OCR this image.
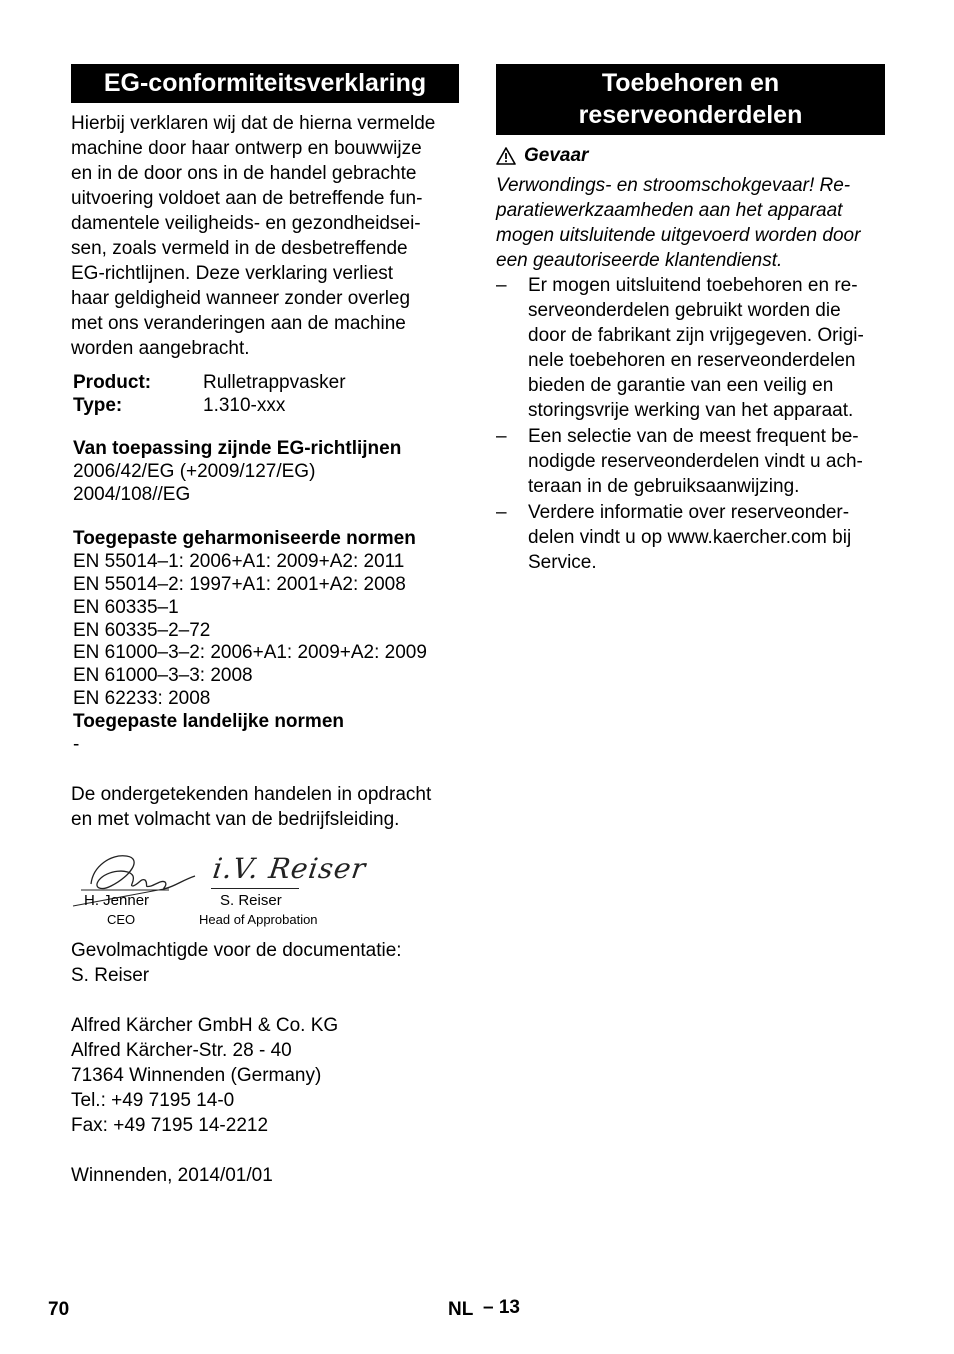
EG-conformiteitsverklaring

Hierbij verklaren wij dat de hierna vermelde
machine door haar ontwerp en bouwwijze
en in de door ons in de handel gebrachte
uitvoering voldoet aan de betreffende fun-
damentele veiligheids- en gezondheidsei-
sen, zoals vermeld in de desbetreffende
EG-richtlijnen. Deze verklaring verliest
haar geldigheid wanneer zonder overleg
met ons veranderingen aan de machine
worden aangebracht.

Product:	Rulletrappvasker
Type:	1.310-xxx
Van toepassing zijnde EG-richtlijnen
2006/42/EG (+2009/127/EG)
2004/108//EG
Toegepaste geharmoniseerde normen
EN 55014–1: 2006+A1: 2009+A2: 2011
EN 55014–2: 1997+A1: 2001+A2: 2008
EN 60335–1
EN 60335–2–72
EN 61000–3–2: 2006+A1: 2009+A2: 2009
EN 61000–3–3: 2008
EN 62233: 2008
Toegepaste landelijke normen
-

De ondergetekenden handelen in opdracht
en met volmacht van de bedrijfsleiding.

i.V. Reiser
H. Jenner
CEO
S. Reiser
Head of Approbation
Gevolmachtigde voor de documentatie:
S. Reiser
Alfred Kärcher GmbH & Co. KG
Alfred Kärcher-Str. 28 - 40
71364 Winnenden (Germany)
Tel.: +49 7195 14-0
Fax: +49 7195 14-2212
Winnenden, 2014/01/01
Toebehoren en
reserveonderdelen
Gevaar

Verwondings- en stroomschokgevaar! Re-
paratiewerkzaamheden aan het apparaat
mogen uitsluitende uitgevoerd worden door
een geautoriseerde klantendienst.

–	Er mogen uitsluitend toebehoren en re-
serveonderdelen gebruikt worden die
door de fabrikant zijn vrijgegeven. Origi-
nele toebehoren en reserveonderdelen
bieden de garantie van een veilig en
storingsvrije werking van het apparaat.
–	Een selectie van de meest frequent be-
nodigde reserveonderdelen vindt u ach-
teraan in de gebruiksaanwijzing.
–	Verdere informatie over reserveonder-
delen vindt u op www.kaercher.com bij
Service.
70	NL – 13
